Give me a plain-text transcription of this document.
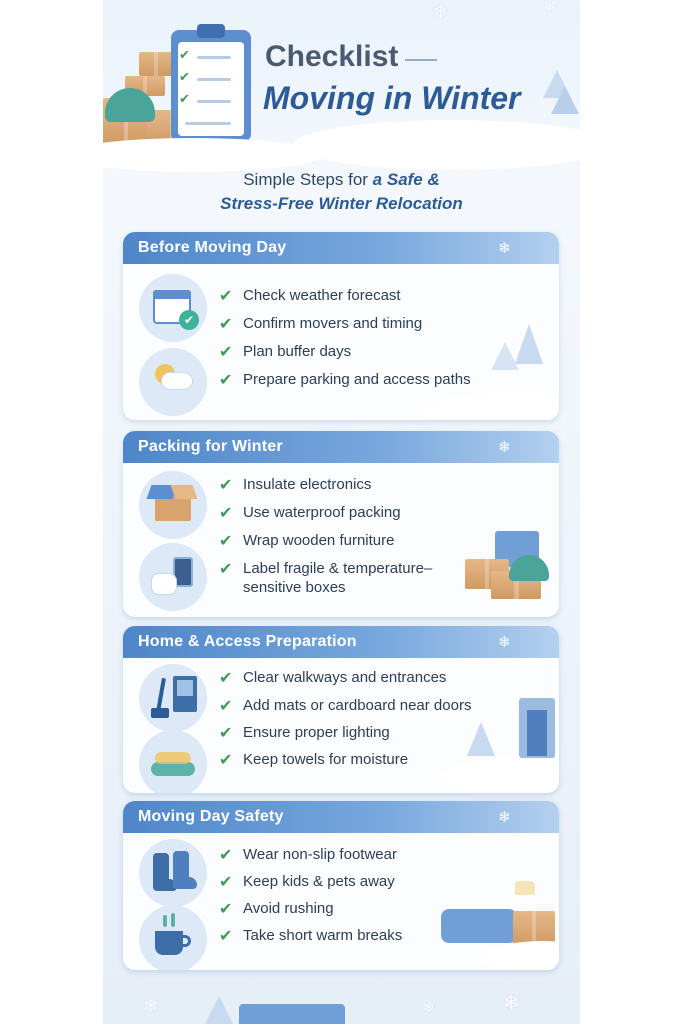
❄	❄
❄	❄
❄
✔
✔
✔
Checklist
Moving in Winter
Simple Steps for a Safe &
Stress-Free Winter Relocation
Before Moving Day	❄
✔
✔ Check weather forecast
✔ Confirm movers and timing
✔ Plan buffer days
✔ Prepare parking and access paths
Packing for Winter	❄
✔ Insulate electronics
✔ Use waterproof packing
✔ Wrap wooden furniture
✔ Label fragile & temperature–sensitive boxes
Home & Access Preparation	❄
✔ Clear walkways and entrances
✔ Add mats or cardboard near doors
✔ Ensure proper lighting
✔ Keep towels for moisture
Moving Day Safety	❄
✔ Wear non-slip footwear
✔ Keep kids & pets away
✔ Avoid rushing
✔ Take short warm breaks
